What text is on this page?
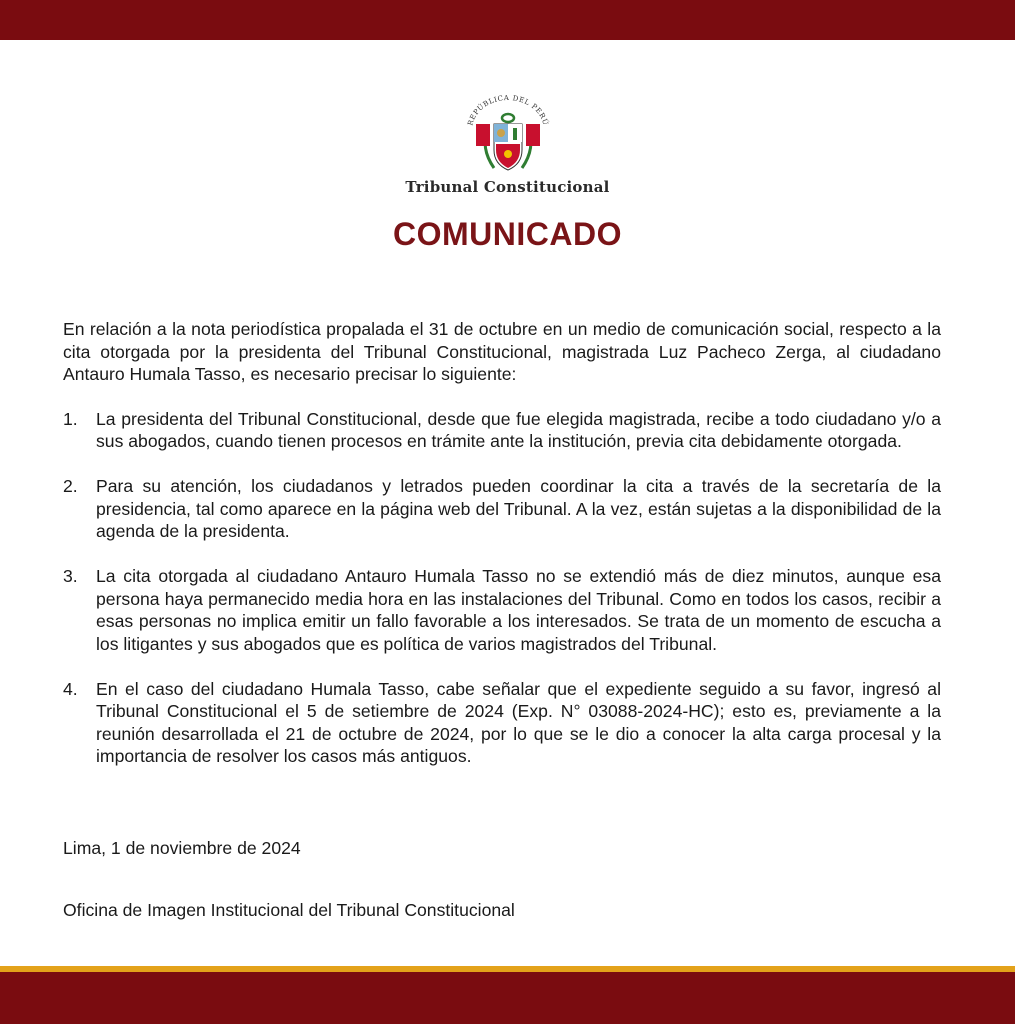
REPÚBLICA DEL PERÚ
Tribunal Constitucional
COMUNICADO

En relación a la nota periodística propalada el 31 de octubre en un medio de comunicación social, respecto a la cita otorgada por la presidenta del Tribunal Constitucional, magistrada Luz Pacheco Zerga, al ciudadano Antauro Humala Tasso, es necesario precisar lo siguiente:

1. La presidenta del Tribunal Constitucional, desde que fue elegida magistrada, recibe a todo ciudadano y/o a sus abogados, cuando tienen procesos en trámite ante la institución, previa cita debidamente otorgada.
2. Para su atención, los ciudadanos y letrados pueden coordinar la cita a través de la secretaría de la presidencia, tal como aparece en la página web del Tribunal. A la vez, están sujetas a la disponibilidad de la agenda de la presidenta.
3. La cita otorgada al ciudadano Antauro Humala Tasso no se extendió más de diez minutos, aunque esa persona haya permanecido media hora en las instalaciones del Tribunal. Como en todos los casos, recibir a esas personas no implica emitir un fallo favorable a los interesados. Se trata de un momento de escucha a los litigantes y sus abogados que es política de varios magistrados del Tribunal.
4. En el caso del ciudadano Humala Tasso, cabe señalar que el expediente seguido a su favor, ingresó al Tribunal Constitucional el 5 de setiembre de 2024 (Exp. N° 03088-2024-HC); esto es, previamente a la reunión desarrollada el 21 de octubre de 2024, por lo que se le dio a conocer la alta carga procesal y la importancia de resolver los casos más antiguos.
Lima, 1 de noviembre de 2024
Oficina de Imagen Institucional del Tribunal Constitucional
